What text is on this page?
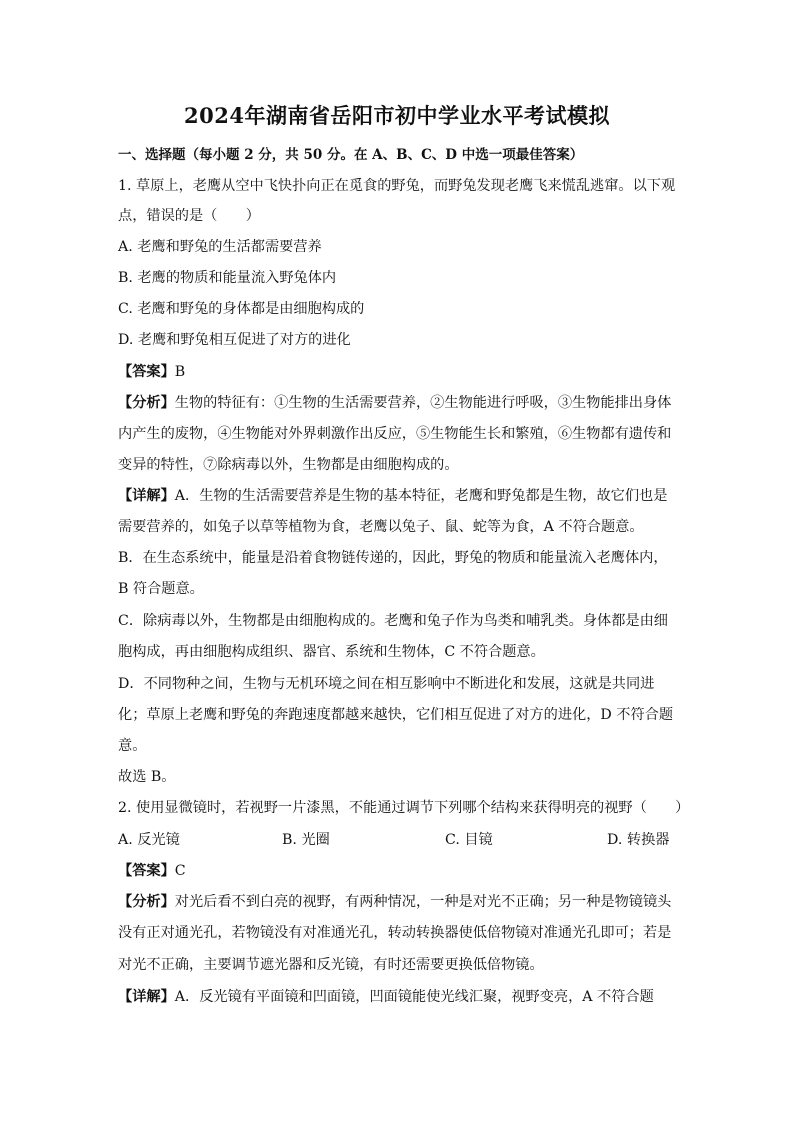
2024年湖南省岳阳市初中学业水平考试模拟
一、选择题（每小题 2 分，共 50 分。在 A、B、C、D 中选一项最佳答案）
1. 草原上，老鹰从空中飞快扑向正在觅食的野兔，而野兔发现老鹰飞来慌乱逃窜。以下观
点，错误的是（　　）
A. 老鹰和野兔的生活都需要营养
B. 老鹰的物质和能量流入野兔体内
C. 老鹰和野兔的身体都是由细胞构成的
D. 老鹰和野兔相互促进了对方的进化
【答案】B
【分析】生物的特征有：①生物的生活需要营养，②生物能进行呼吸，③生物能排出身体
内产生的废物，④生物能对外界刺激作出反应，⑤生物能生长和繁殖，⑥生物都有遗传和
变异的特性，⑦除病毒以外，生物都是由细胞构成的。
【详解】A．生物的生活需要营养是生物的基本特征，老鹰和野兔都是生物，故它们也是
需要营养的，如兔子以草等植物为食，老鹰以兔子、鼠、蛇等为食，A 不符合题意。
B．在生态系统中，能量是沿着食物链传递的，因此，野兔的物质和能量流入老鹰体内，
B 符合题意。
C．除病毒以外，生物都是由细胞构成的。老鹰和兔子作为鸟类和哺乳类。身体都是由细
胞构成，再由细胞构成组织、器官、系统和生物体，C 不符合题意。
D．不同物种之间，生物与无机环境之间在相互影响中不断进化和发展，这就是共同进
化；草原上老鹰和野兔的奔跑速度都越来越快，它们相互促进了对方的进化，D 不符合题
意。
故选 B。
2. 使用显微镜时，若视野一片漆黑，不能通过调节下列哪个结构来获得明亮的视野（　　）
A. 反光镜	B. 光圈	C. 目镜	D. 转换器
【答案】C
【分析】对光后看不到白亮的视野，有两种情况，一种是对光不正确；另一种是物镜镜头
没有正对通光孔，若物镜没有对准通光孔，转动转换器使低倍物镜对准通光孔即可；若是
对光不正确，主要调节遮光器和反光镜，有时还需要更换低倍物镜。
【详解】A．反光镜有平面镜和凹面镜，凹面镜能使光线汇聚，视野变亮，A 不符合题
